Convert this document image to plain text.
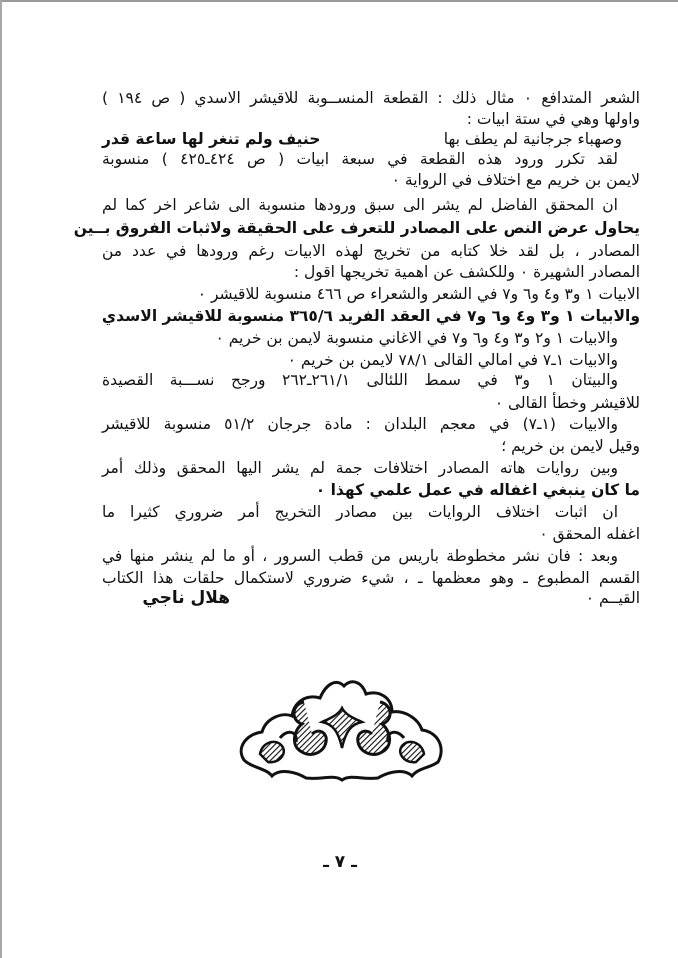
الشعر المتدافع ٠ مثال ذلك : القطعة المنســوبة للاقيشر الاسدي ( ص ١٩٤ )
واولها وهي في ستة ابيات :
وصهباء جرجانية لم يطف بها
حنيف ولم تنغر لها ساعة قدر
لقد تكرر ورود هذه القطعة في سبعة ابيات ( ص ٤٢٤ـ٤٢٥ ) منسوبة
لايمن بن خريم مع اختلاف في الرواية ٠
ان المحقق الفاضل لم يشر الى سبق ورودها منسوبة الى شاعر اخر كما لم
يحاول عرض النص على المصادر للتعرف على الحقيقة ولاثبات الفروق بــين
المصادر ، بل لقد خلا كتابه من تخريج لهذه الابيات رغم ورودها في عدد من
المصادر الشهيرة ٠ وللكشف عن اهمية تخريجها اقول :
الابيات ١ و٣ و٤ و٦ و٧ في الشعر والشعراء ص ٤٦٦ منسوبة للاقيشر ٠
والابيات ١ و٣ و٤ و٦ و٧ في العقد الفريد ٣٦٥/٦ منسوبة للاقيشر الاسدي
والابيات ١ و٢ و٣ و٤ و٦ و٧ في الاغاني منسوبة لايمن بن خريم ٠
والابيات ١ـ٧ في امالي القالى ٧٨/١ لايمن بن خريم ٠
والبيتان ١ و٣ في سمط اللئالى ٢٦١/١ـ٢٦٢ ورجح نســـبة القصيدة
للاقيشر وخطأ القالى ٠
والابيات (١ـ٧) في معجم البلدان : مادة جرجان ٥١/٢ منسوبة للاقيشر
وقيل لايمن بن خريم ؛
وبين روايات هاته المصادر اختلافات جمة لم يشر اليها المحقق وذلك أمر
ما كان ينبغي اغفاله في عمل علمي كهذا ٠
ان اثبات اختلاف الروايات بين مصادر التخريج أمر ضروري كثيرا ما
اغفله المحقق ٠
وبعد : فان نشر مخطوطة باريس من قطب السرور ، أو ما لم ينشر منها في
القسم المطبوع ـ وهو معظمها ـ ، شيء ضروري لاستكمال حلقات هذا الكتاب
القيــم ٠
هلال ناجي
ـ ٧ ـ
